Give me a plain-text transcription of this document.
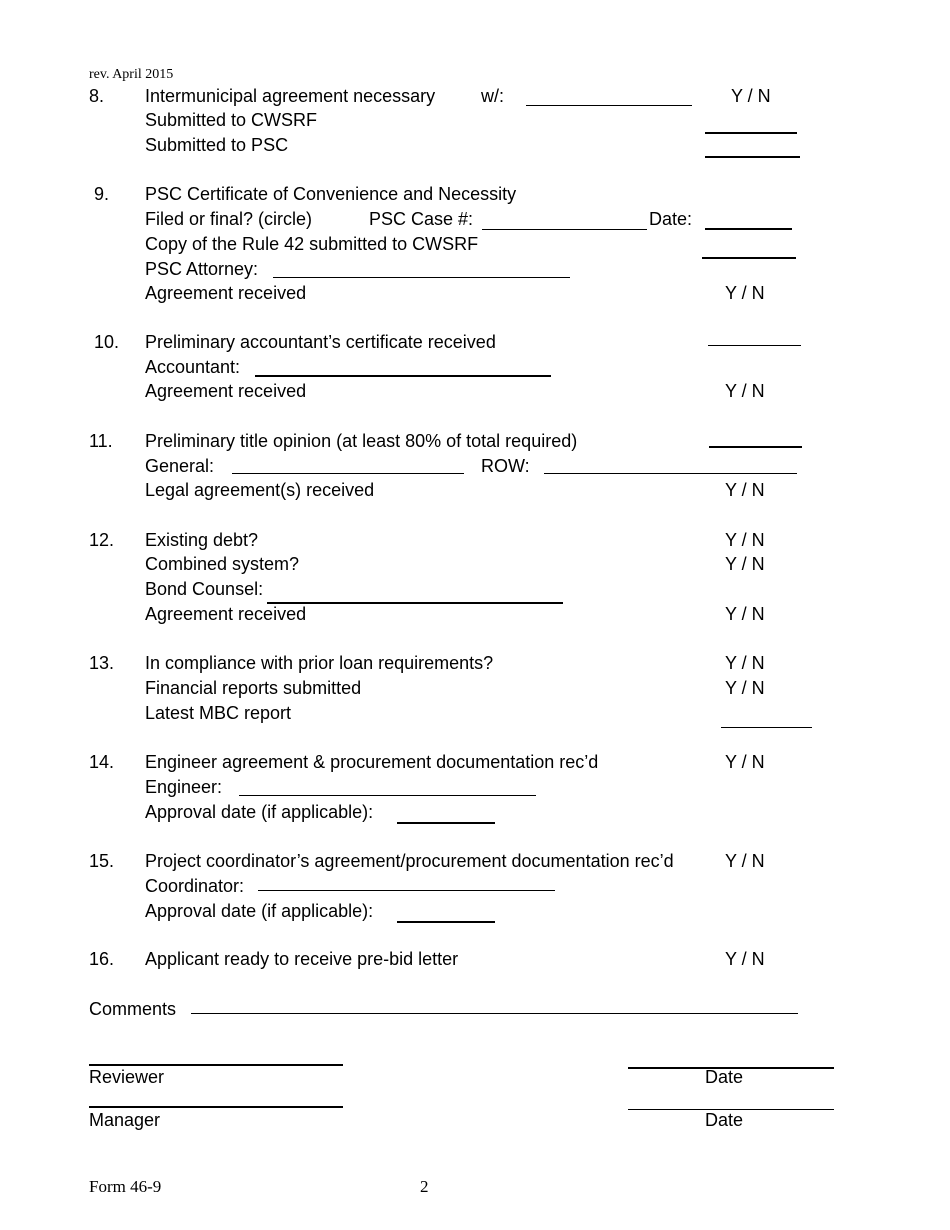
rev. April 2015
8. Intermunicipal agreement necessary	w/:	Y / N
Submitted to CWSRF
Submitted to PSC
9. PSC Certificate of Convenience and Necessity
Filed or final? (circle)	PSC Case #:	Date:
Copy of the Rule 42 submitted to CWSRF
PSC Attorney:
Agreement received	Y / N
10. Preliminary accountant’s certificate received
Accountant:
Agreement received	Y / N
11. Preliminary title opinion (at least 80% of total required)
General:	ROW:
Legal agreement(s) received	Y / N
12. Existing debt?	Y / N
Combined system?	Y / N
Bond Counsel:
Agreement received	Y / N
13. In compliance with prior loan requirements?	Y / N
Financial reports submitted	Y / N
Latest MBC report
14. Engineer agreement & procurement documentation rec’d	Y / N
Engineer:
Approval date (if applicable):
15. Project coordinator’s agreement/procurement documentation rec’d	Y / N
Coordinator:
Approval date (if applicable):
16. Applicant ready to receive pre-bid letter	Y / N
Comments
Reviewer	Date
Manager	Date
Form 46-9	2
